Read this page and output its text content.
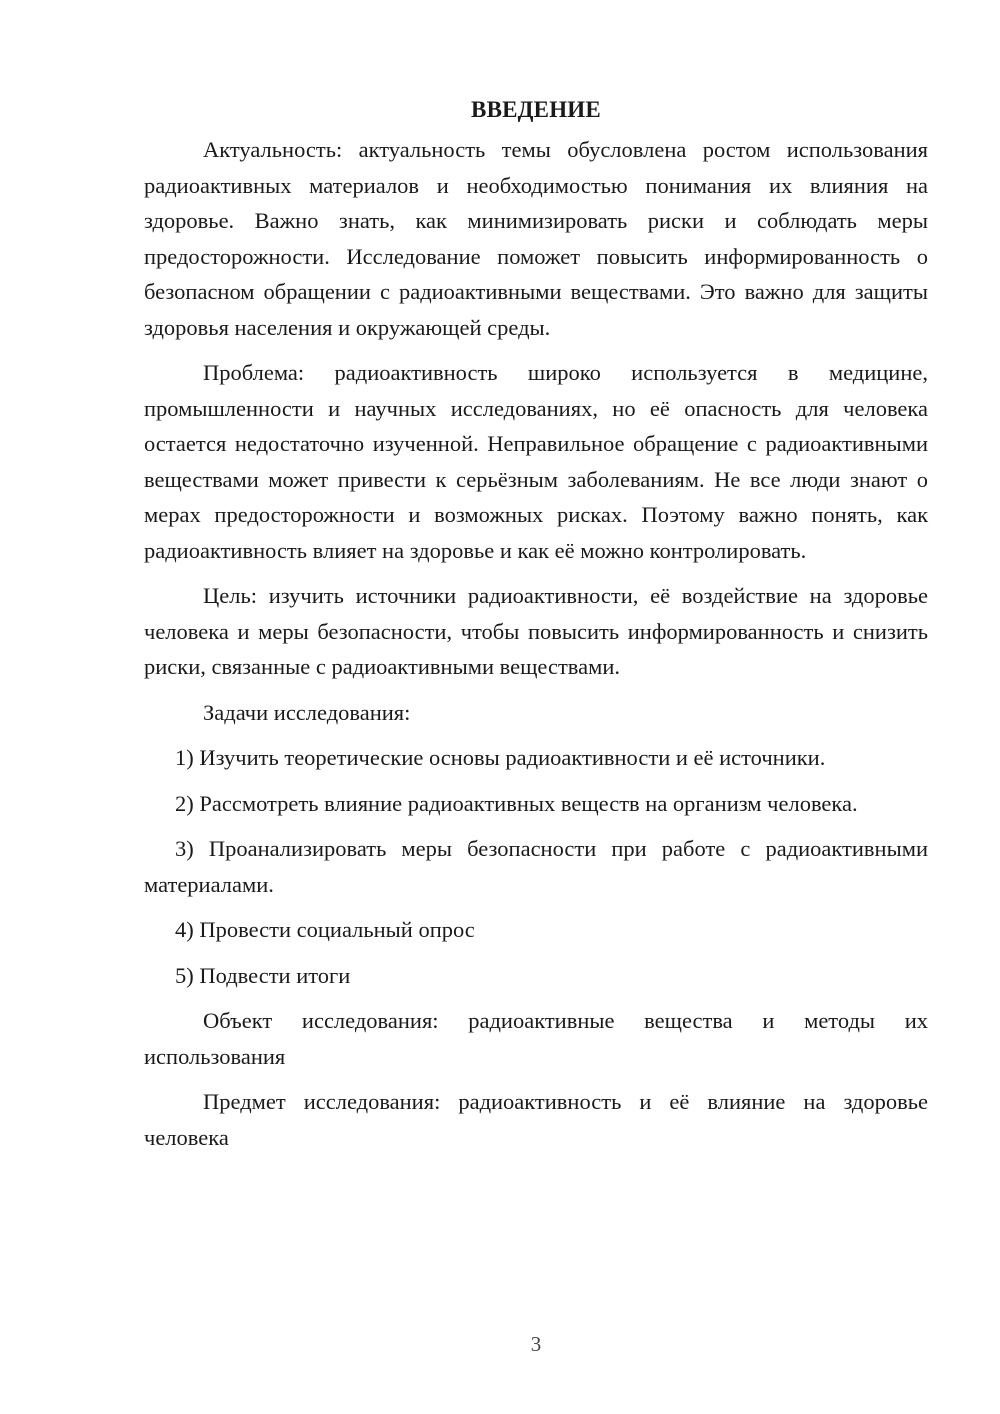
ВВЕДЕНИЕ

Актуальность: актуальность темы обусловлена ростом использования радиоактивных материалов и необходимостью понимания их влияния на здоровье. Важно знать, как минимизировать риски и соблюдать меры предосторожности. Исследование поможет повысить информированность о безопасном обращении с радиоактивными веществами. Это важно для защиты здоровья населения и окружающей среды.

Проблема: радиоактивность широко используется в медицине, промышленности и научных исследованиях, но её опасность для человека остается недостаточно изученной. Неправильное обращение с радиоактивными веществами может привести к серьёзным заболеваниям. Не все люди знают о мерах предосторожности и возможных рисках. Поэтому важно понять, как радиоактивность влияет на здоровье и как её можно контролировать.

Цель: изучить источники радиоактивности, её воздействие на здоровье человека и меры безопасности, чтобы повысить информированность и снизить риски, связанные с радиоактивными веществами.

Задачи исследования:

1) Изучить теоретические основы радиоактивности и её источники.

2) Рассмотреть влияние радиоактивных веществ на организм человека.

3) Проанализировать меры безопасности при работе с радиоактивными материалами.

4) Провести социальный опрос

5) Подвести итоги

Объект исследования: радиоактивные вещества и методы их использования

Предмет исследования: радиоактивность и её влияние на здоровье человека

3
